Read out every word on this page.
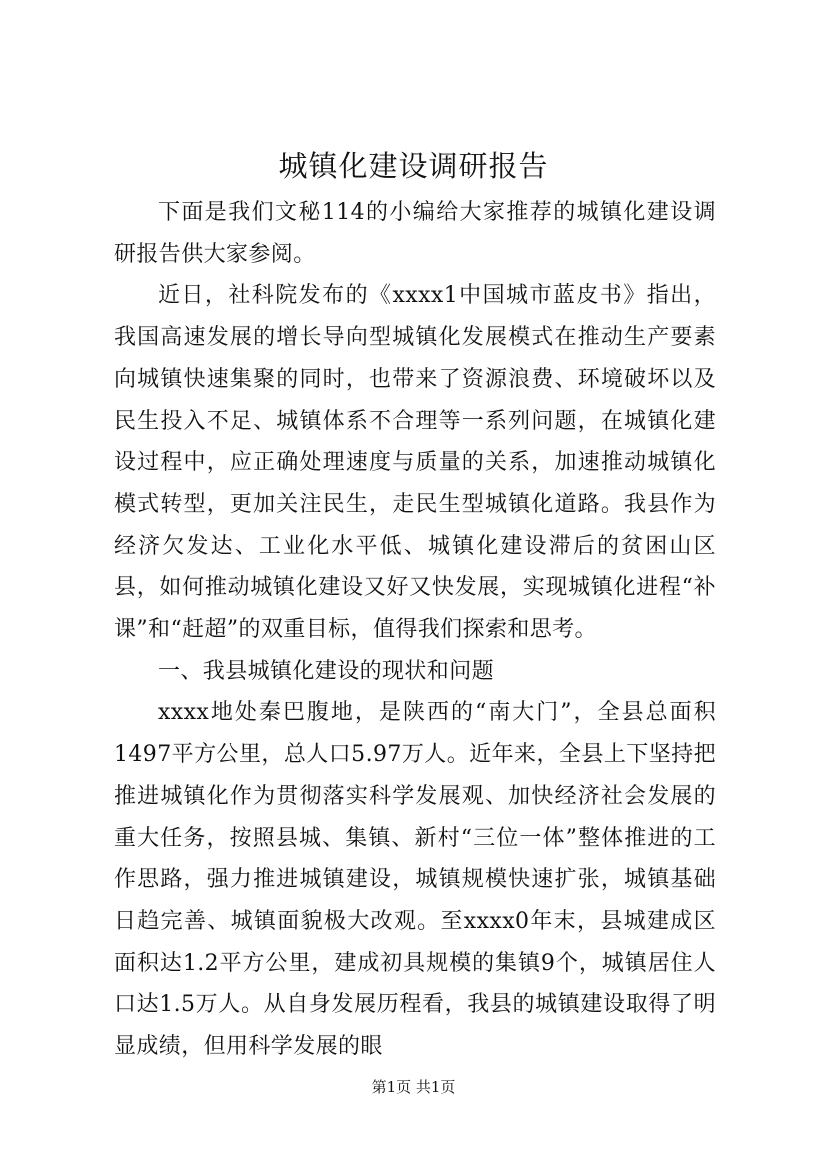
城镇化建设调研报告

下面是我们文秘114的小编给大家推荐的城镇化建设调研报告供大家参阅。

近日，社科院发布的《xxxx1中国城市蓝皮书》指出，我国高速发展的增长导向型城镇化发展模式在推动生产要素向城镇快速集聚的同时，也带来了资源浪费、环境破坏以及民生投入不足、城镇体系不合理等一系列问题，在城镇化建设过程中，应正确处理速度与质量的关系，加速推动城镇化模式转型，更加关注民生，走民生型城镇化道路。我县作为经济欠发达、工业化水平低、城镇化建设滞后的贫困山区县，如何推动城镇化建设又好又快发展，实现城镇化进程“补课”和“赶超”的双重目标，值得我们探索和思考。

一、我县城镇化建设的现状和问题

xxxx地处秦巴腹地，是陕西的“南大门”，全县总面积1497平方公里，总人口5.97万人。近年来，全县上下坚持把推进城镇化作为贯彻落实科学发展观、加快经济社会发展的重大任务，按照县城、集镇、新村“三位一体”整体推进的工作思路，强力推进城镇建设，城镇规模快速扩张，城镇基础日趋完善、城镇面貌极大改观。至xxxx0年末，县城建成区面积达1.2平方公里，建成初具规模的集镇9个，城镇居住人口达1.5万人。从自身发展历程看，我县的城镇建设取得了明显成绩，但用科学发展的眼

第1页 共1页
